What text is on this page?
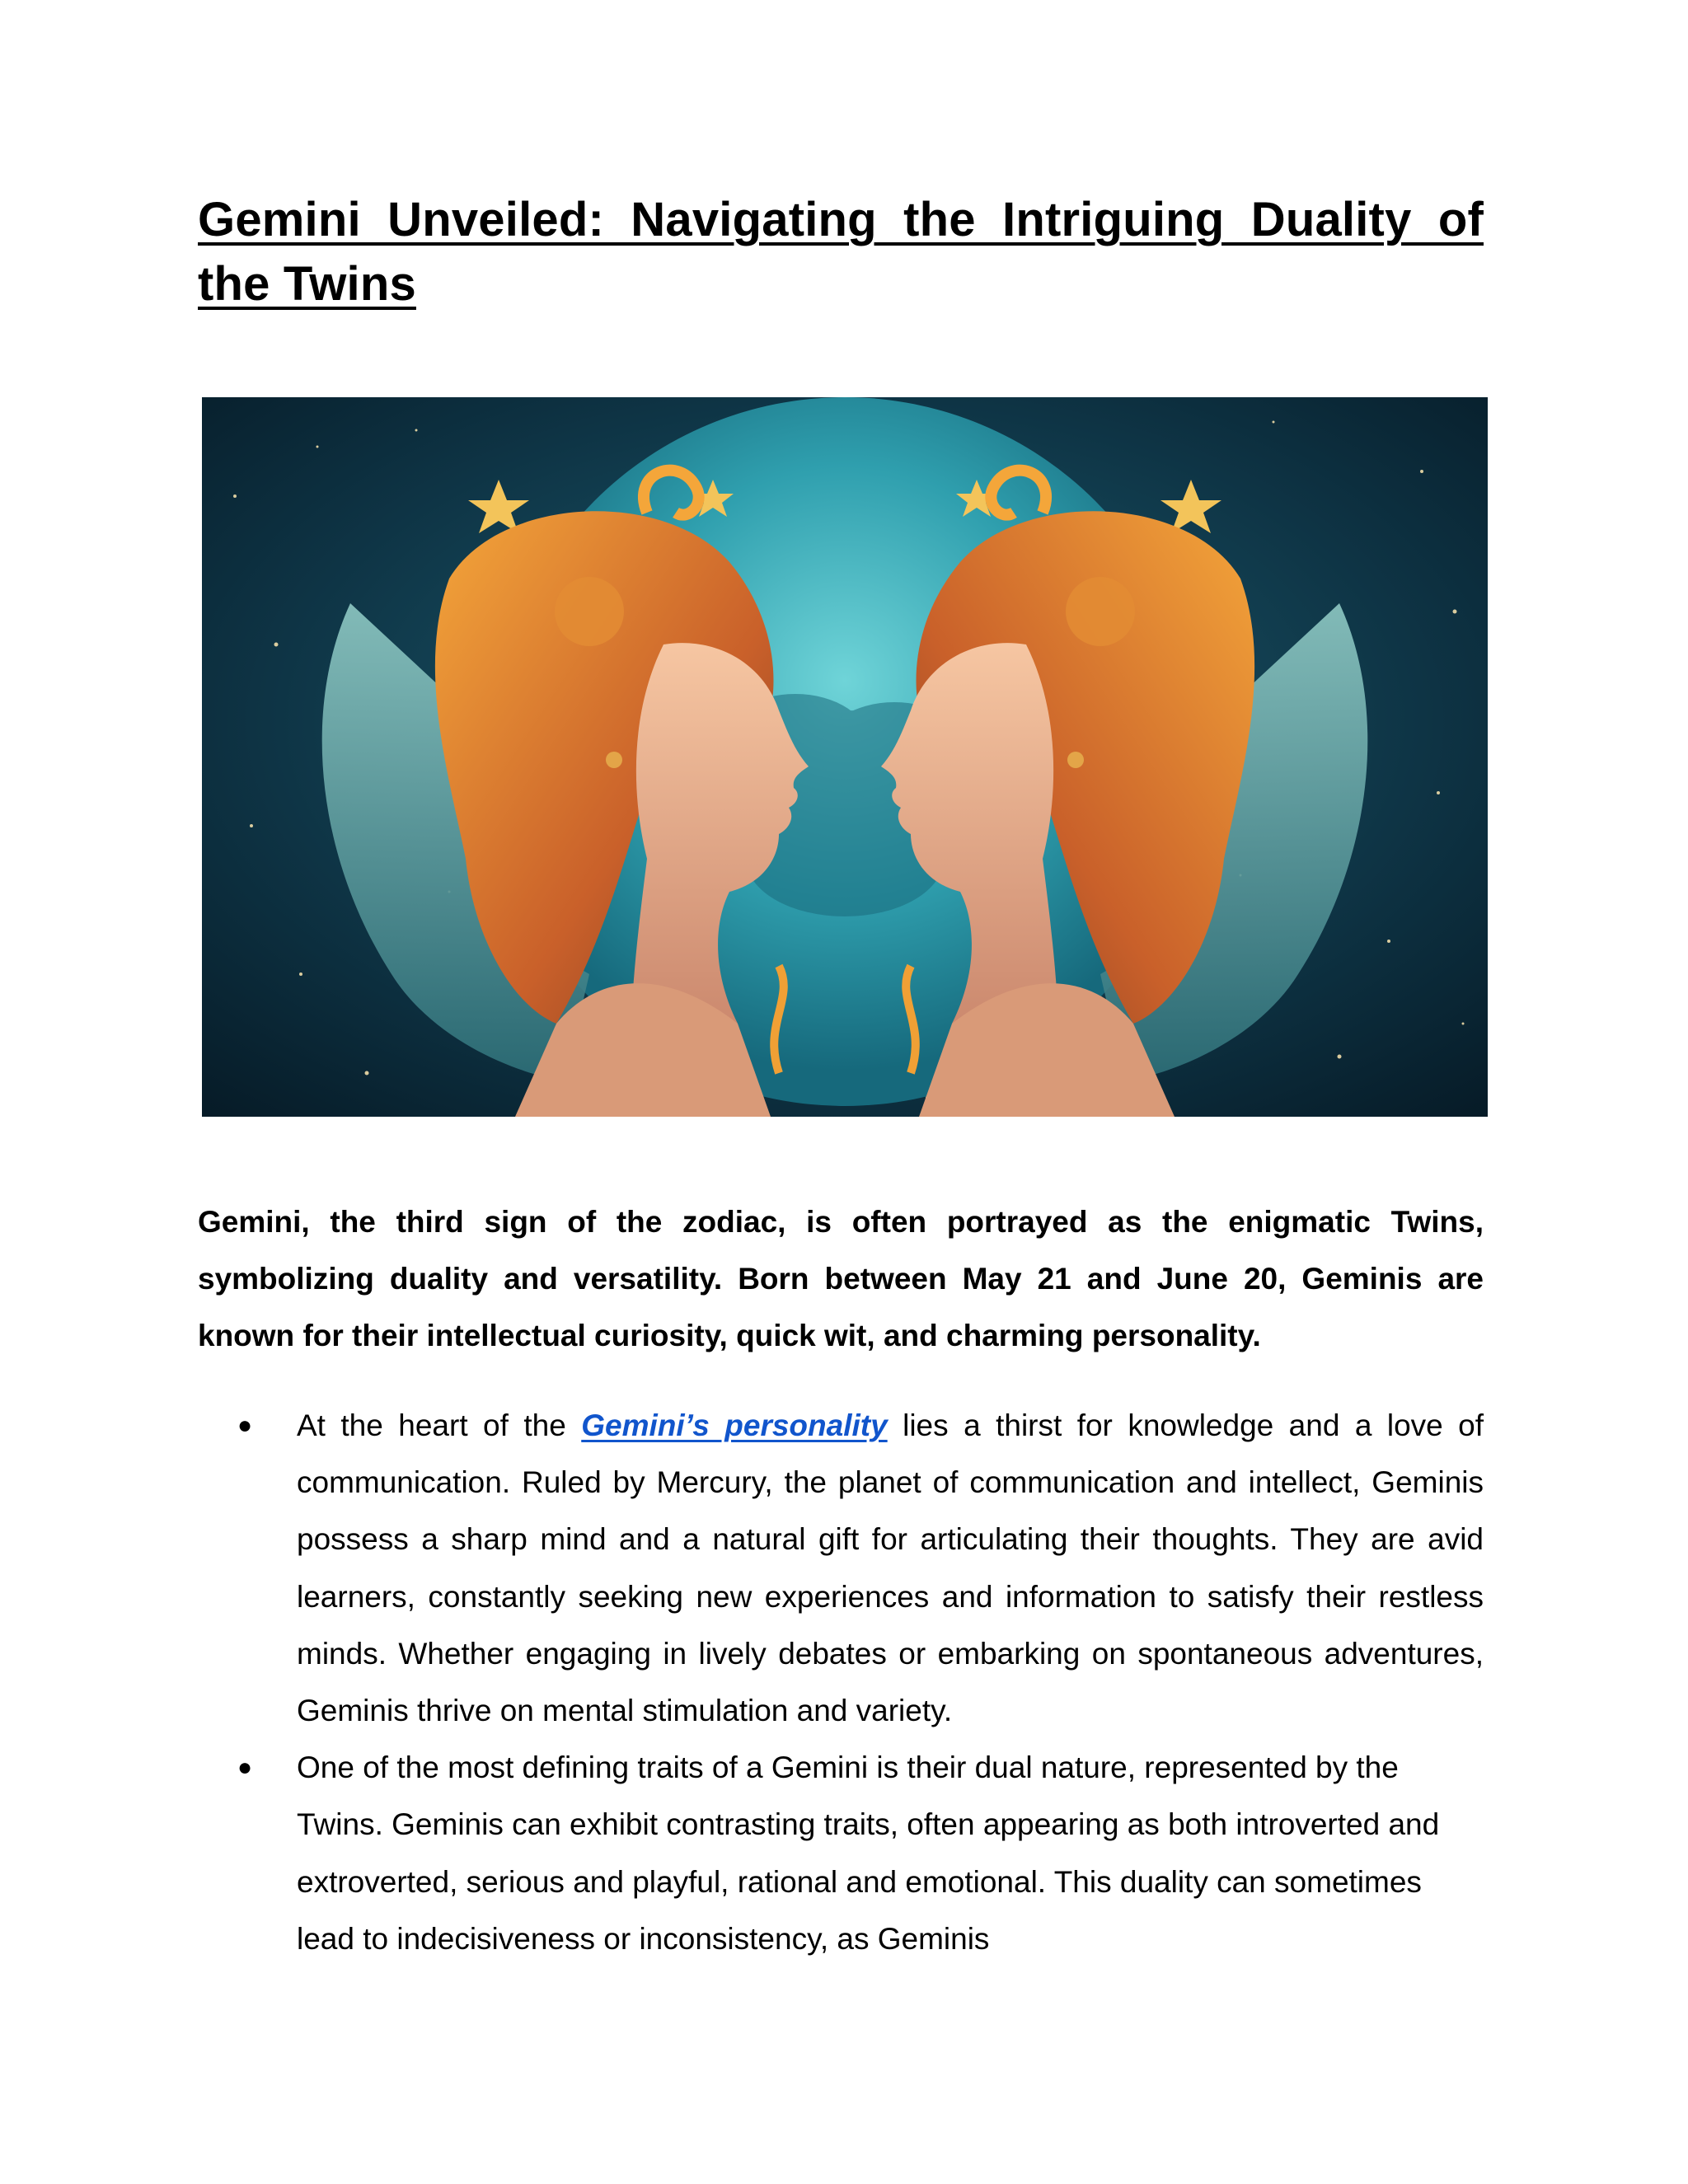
Gemini Unveiled: Navigating the Intriguing Duality of the Twins

Gemini, the third sign of the zodiac, is often portrayed as the enigmatic Twins, symbolizing duality and versatility. Born between May 21 and June 20, Geminis are known for their intellectual curiosity, quick wit, and charming personality.

● At the heart of the Gemini’s personality lies a thirst for knowledge and a love of communication. Ruled by Mercury, the planet of communication and intellect, Geminis possess a sharp mind and a natural gift for articulating their thoughts. They are avid learners, constantly seeking new experiences and information to satisfy their restless minds. Whether engaging in lively debates or embarking on spontaneous adventures, Geminis thrive on mental stimulation and variety.
● One of the most defining traits of a Gemini is their dual nature, represented by the Twins. Geminis can exhibit contrasting traits, often appearing as both introverted and extroverted, serious and playful, rational and emotional. This duality can sometimes lead to indecisiveness or inconsistency, as Geminis
